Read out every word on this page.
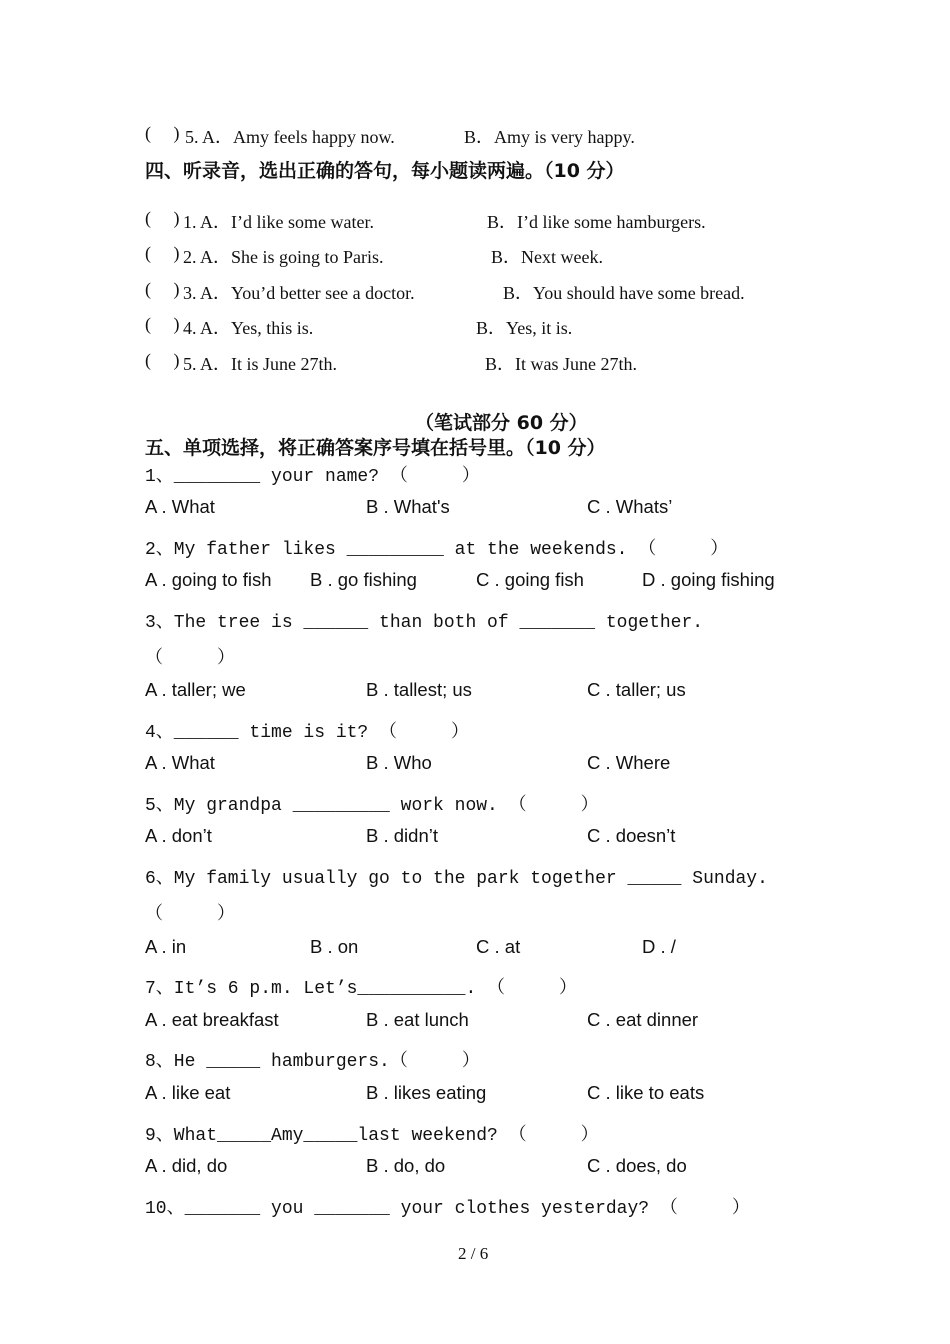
(     ) 5. A．Amy feels happy now.	B．Amy is very happy.
四、听录音，选出正确的答句，每小题读两遍。（10 分）
(     ) 1. A．I’d like some water.	B．I’d like some hamburgers.
(     ) 2. A．She is going to Paris.	B．Next week.
(     ) 3. A．You’d better see a doctor.	B．You should have some bread.
(     ) 4. A．Yes, this is.	B．Yes, it is.
(     ) 5. A．It is June 27th.	B．It was June 27th.
（笔试部分 60 分）
五、单项选择，将正确答案序号填在括号里。（10 分）
1、________ your name? （     ）
A . What	B . What's	C . Whats’
2、My father likes _________ at the weekends. （     ）
A . going to fish B . go fishing	C . going fish	D . going fishing
3、The tree is ______ than both of _______ together.
（     ）
A . taller; we	B . tallest; us	C . taller; us
4、______ time is it? （     ）
A . What	B . Who	C . Where
5、My grandpa _________ work now. （     ）
A . don’t	B . didn’t	C . doesn’t
6、My family usually go to the park together _____ Sunday.
（     ）
A . in	B . on	C . at	D . /
7、It’s 6 p.m. Let’s__________. （     ）
A . eat breakfast	B . eat lunch	C . eat dinner
8、He _____ hamburgers.（     ）
A . like eat	B . likes eating	C . like to eats
9、What_____Amy_____last weekend? （     ）
A . did, do	B . do, do	C . does, do
10、_______ you _______ your clothes yesterday? （     ）
2 / 6
